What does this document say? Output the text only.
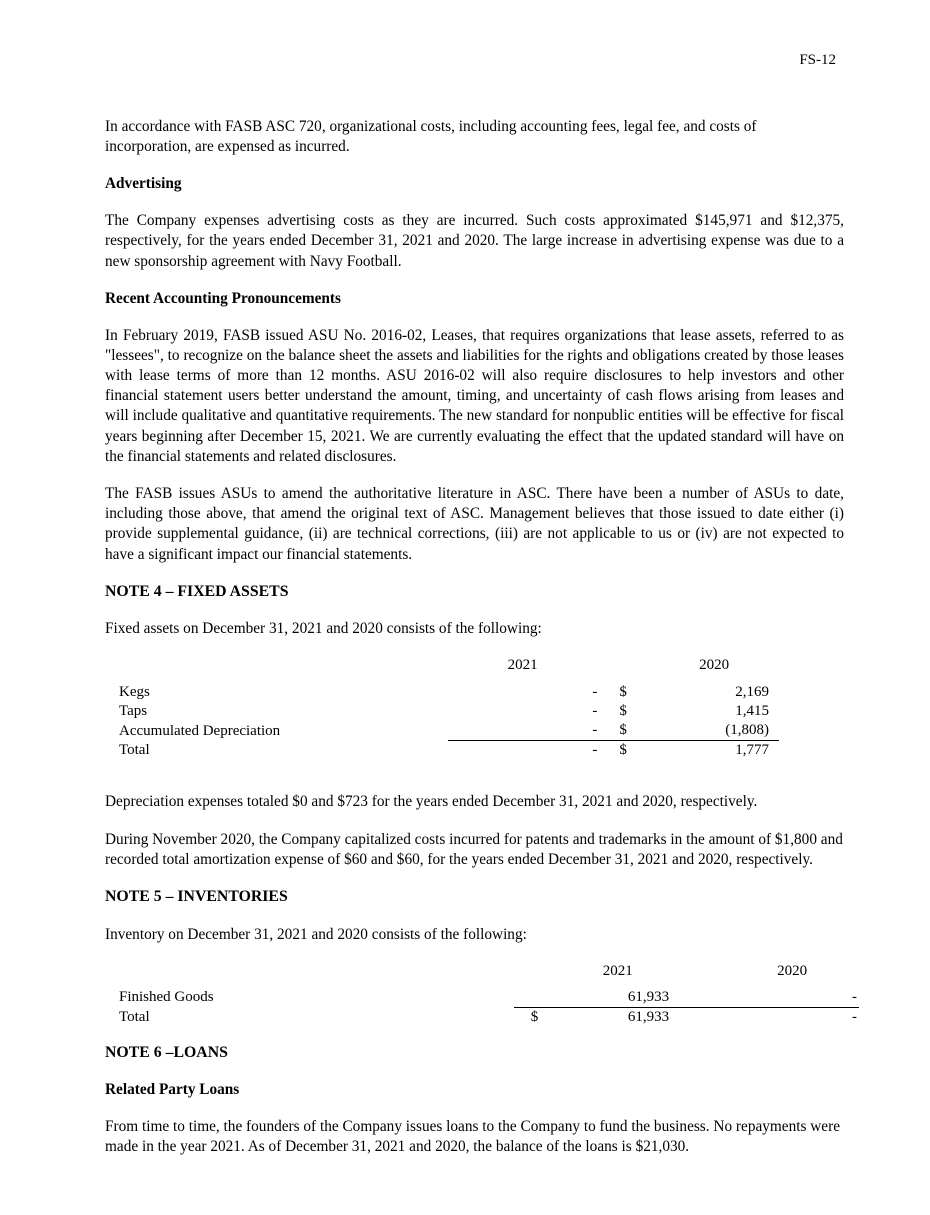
FS-12

In accordance with FASB ASC 720, organizational costs, including accounting fees, legal fee, and costs of incorporation, are expensed as incurred.

Advertising

The Company expenses advertising costs as they are incurred. Such costs approximated $145,971 and $12,375, respectively, for the years ended December 31, 2021 and 2020. The large increase in advertising expense was due to a new sponsorship agreement with Navy Football.

Recent Accounting Pronouncements

In February 2019, FASB issued ASU No. 2016-02, Leases, that requires organizations that lease assets, referred to as "lessees", to recognize on the balance sheet the assets and liabilities for the rights and obligations created by those leases with lease terms of more than 12 months. ASU 2016-02 will also require disclosures to help investors and other financial statement users better understand the amount, timing, and uncertainty of cash flows arising from leases and will include qualitative and quantitative requirements. The new standard for nonpublic entities will be effective for fiscal years beginning after December 15, 2021. We are currently evaluating the effect that the updated standard will have on the financial statements and related disclosures.

The FASB issues ASUs to amend the authoritative literature in ASC. There have been a number of ASUs to date, including those above, that amend the original text of ASC. Management believes that those issued to date either (i) provide supplemental guidance, (ii) are technical corrections, (iii) are not applicable to us or (iv) are not expected to have a significant impact our financial statements.

NOTE 4 – FIXED ASSETS

Fixed assets on December 31, 2021 and 2020 consists of the following:

	2021		2020
Kegs	-	$	2,169
Taps	-	$	1,415
Accumulated Depreciation	-	$	(1,808)
Total	-	$	1,777

Depreciation expenses totaled $0 and $723 for the years ended December 31, 2021 and 2020, respectively.

During November 2020, the Company capitalized costs incurred for patents and trademarks in the amount of $1,800 and recorded total amortization expense of $60 and $60, for the years ended December 31, 2021 and 2020, respectively.

NOTE 5 – INVENTORIES

Inventory on December 31, 2021 and 2020 consists of the following:

		2021	2020
Finished Goods		61,933	-
Total	$	61,933	-
NOTE 6 –LOANS
Related Party Loans

From time to time, the founders of the Company issues loans to the Company to fund the business. No repayments were made in the year 2021. As of December 31, 2021 and 2020, the balance of the loans is $21,030.
